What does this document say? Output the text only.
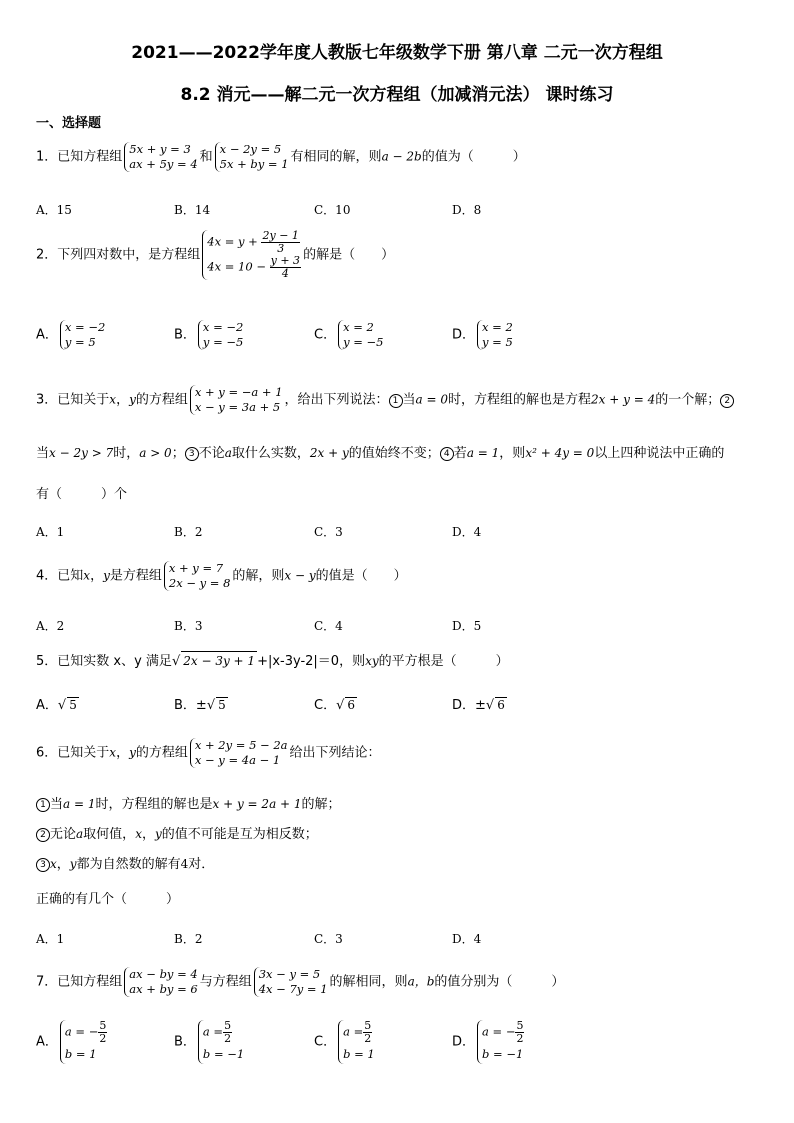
2021——2022学年度人教版七年级数学下册 第八章 二元一次方程组
8.2 消元——解二元一次方程组（加减消元法） 课时练习
一、选择题
1．已知方程组
5x + y = 3
ax + 5y = 4 和
x − 2y = 5
5x + by = 1 有相同的解，则a − 2b的值为（　　　）
A．15	B．14	C．10	D．8
2．下列四对数中，是方程组
$4x = y + \frac{2y - 1}{3}$
$4x = 10 - \frac{y + 3}{4}$ 的解是（　　）
A．
x = −2
y = 5	B．
x = −2
y = −5	C．
x = 2
y = −5	D．
x = 2
y = 5
3．已知关于x，y的方程组
x + y = −a + 1
x − y = 3a + 5 ，给出下列说法： 1 当a = 0时，方程组的解也是方程2x + y = 4的一个解； 2
当x − 2y > 7时，a > 0； 3 不论a取什么实数，2x + y的值始终不变； 4 若a = 1，则x² + 4y = 0以上四种说法中正确的
有（　　　）个
A．1	B．2	C．3	D．4
4．已知x，y是方程组
x + y = 7
2x − y = 8 的解，则x − y的值是（　　）
A．2	B．3	C．4	D．5
5．已知实数 x、y 满足√ 2x − 3y + 1 +|x-3y-2|＝0，则xy的平方根是（　　　）
A．√ 5	B．±√ 5	C．√ 6	D．±√ 6
6．已知关于x，y的方程组
x + 2y = 5 − 2a
x − y = 4a − 1 给出下列结论：
1 当a = 1时，方程组的解也是x + y = 2a + 1的解；
2 无论a取何值，x，y的值不可能是互为相反数；
3 x，y都为自然数的解有4对．
正确的有几个（　　　）
A．1	B．2	C．3	D．4
7．已知方程组
ax − by = 4
ax + by = 6 与方程组
3x − y = 5
4x − 7y = 1 的解相同，则a，b的值分别为（　　　）
A．
a = − $\frac{5}{2}$
b = 1
B．
$a = \frac{5}{2}$
b = −1
C．
$a = \frac{5}{2}$
b = 1
D．
a = − $\frac{5}{2}$
b = −1
